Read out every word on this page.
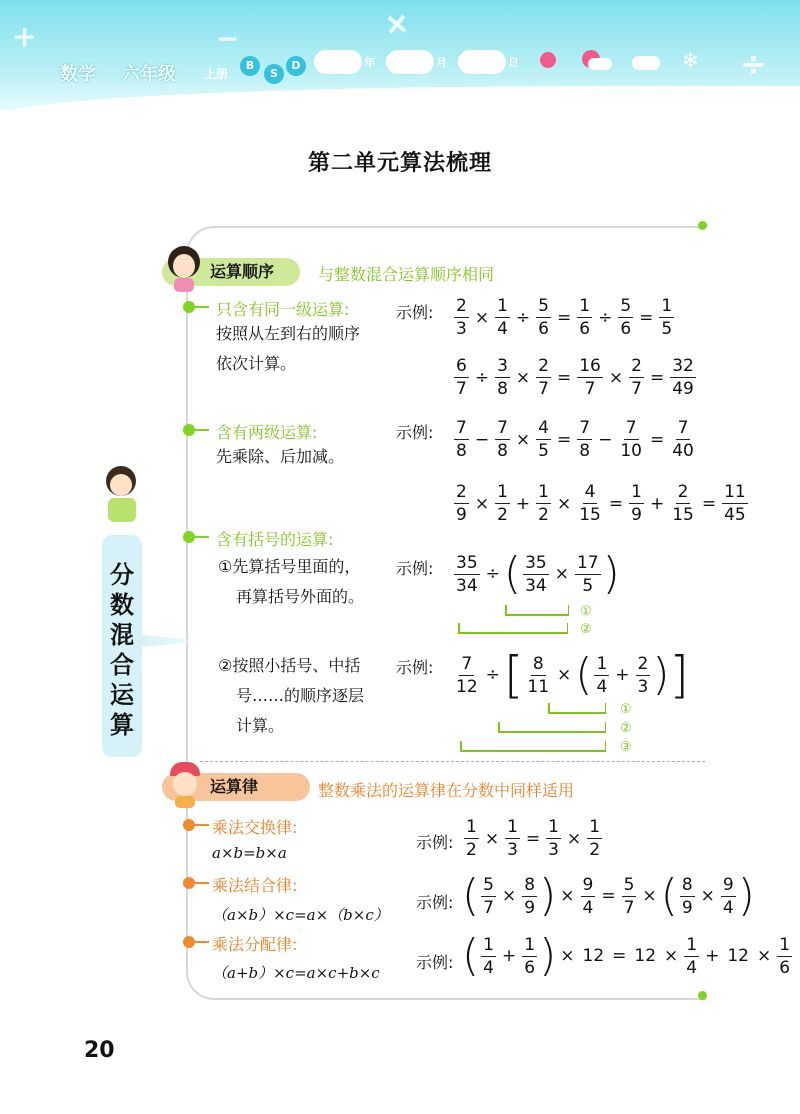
+	−	+
÷
数学 六年级 上册
B
S
D	年	月	日	❄
第二单元算法梳理
分数混合运算
运算顺序	与整数混合运算顺序相同
只含有同一级运算:
按照从左到右的顺序
依次计算。
示例: $\frac{2}{3} \times \frac{1}{4} \div \frac{5}{6} = \frac{1}{6} \div \frac{5}{6} = \frac{1}{5}$
$\frac{6}{7} \div \frac{3}{8} \times \frac{2}{7} = \frac{16}{7} \times \frac{2}{7} = \frac{32}{49}$
含有两级运算:
先乘除、后加减。
示例: $\frac{7}{8} - \frac{7}{8} \times \frac{4}{5} = \frac{7}{8} - \frac{7}{10} = \frac{7}{40}$
$\frac{2}{9} \times \frac{1}{2} + \frac{1}{2} \times \frac{4}{15} = \frac{1}{9} + \frac{2}{15} = \frac{11}{45}$
含有括号的运算:
①先算括号里面的，
再算括号外面的。
示例: $\frac{35}{34}$ ÷ ( $\frac{35}{34} \times \frac{17}{5}$ )
①
②
②按照小括号、中括
号……的顺序逐层
计算。
示例: $\frac{7}{12}$ ÷ [ $\frac{8}{11}$ × ( $\frac{1}{4} + \frac{2}{3}$ ) ]
①
②
③
运算律	整数乘法的运算律在分数中同样适用
乘法交换律:
a×b=b×a
示例: $\frac{1}{2} \times \frac{1}{3} = \frac{1}{3} \times \frac{1}{2}$
乘法结合律:
（a×b）×c=a×（b×c）
示例: ( $\frac{5}{7} \times \frac{8}{9}$ ) × $\frac{9}{4} = \frac{5}{7}$ × ( $\frac{8}{9} \times \frac{9}{4}$ )
乘法分配律:
（a+b）×c=a×c+b×c
示例: ( $\frac{1}{4} + \frac{1}{6}$ ) × $12 = 12 \times \frac{1}{4} + 12 \times \frac{1}{6}$
20
